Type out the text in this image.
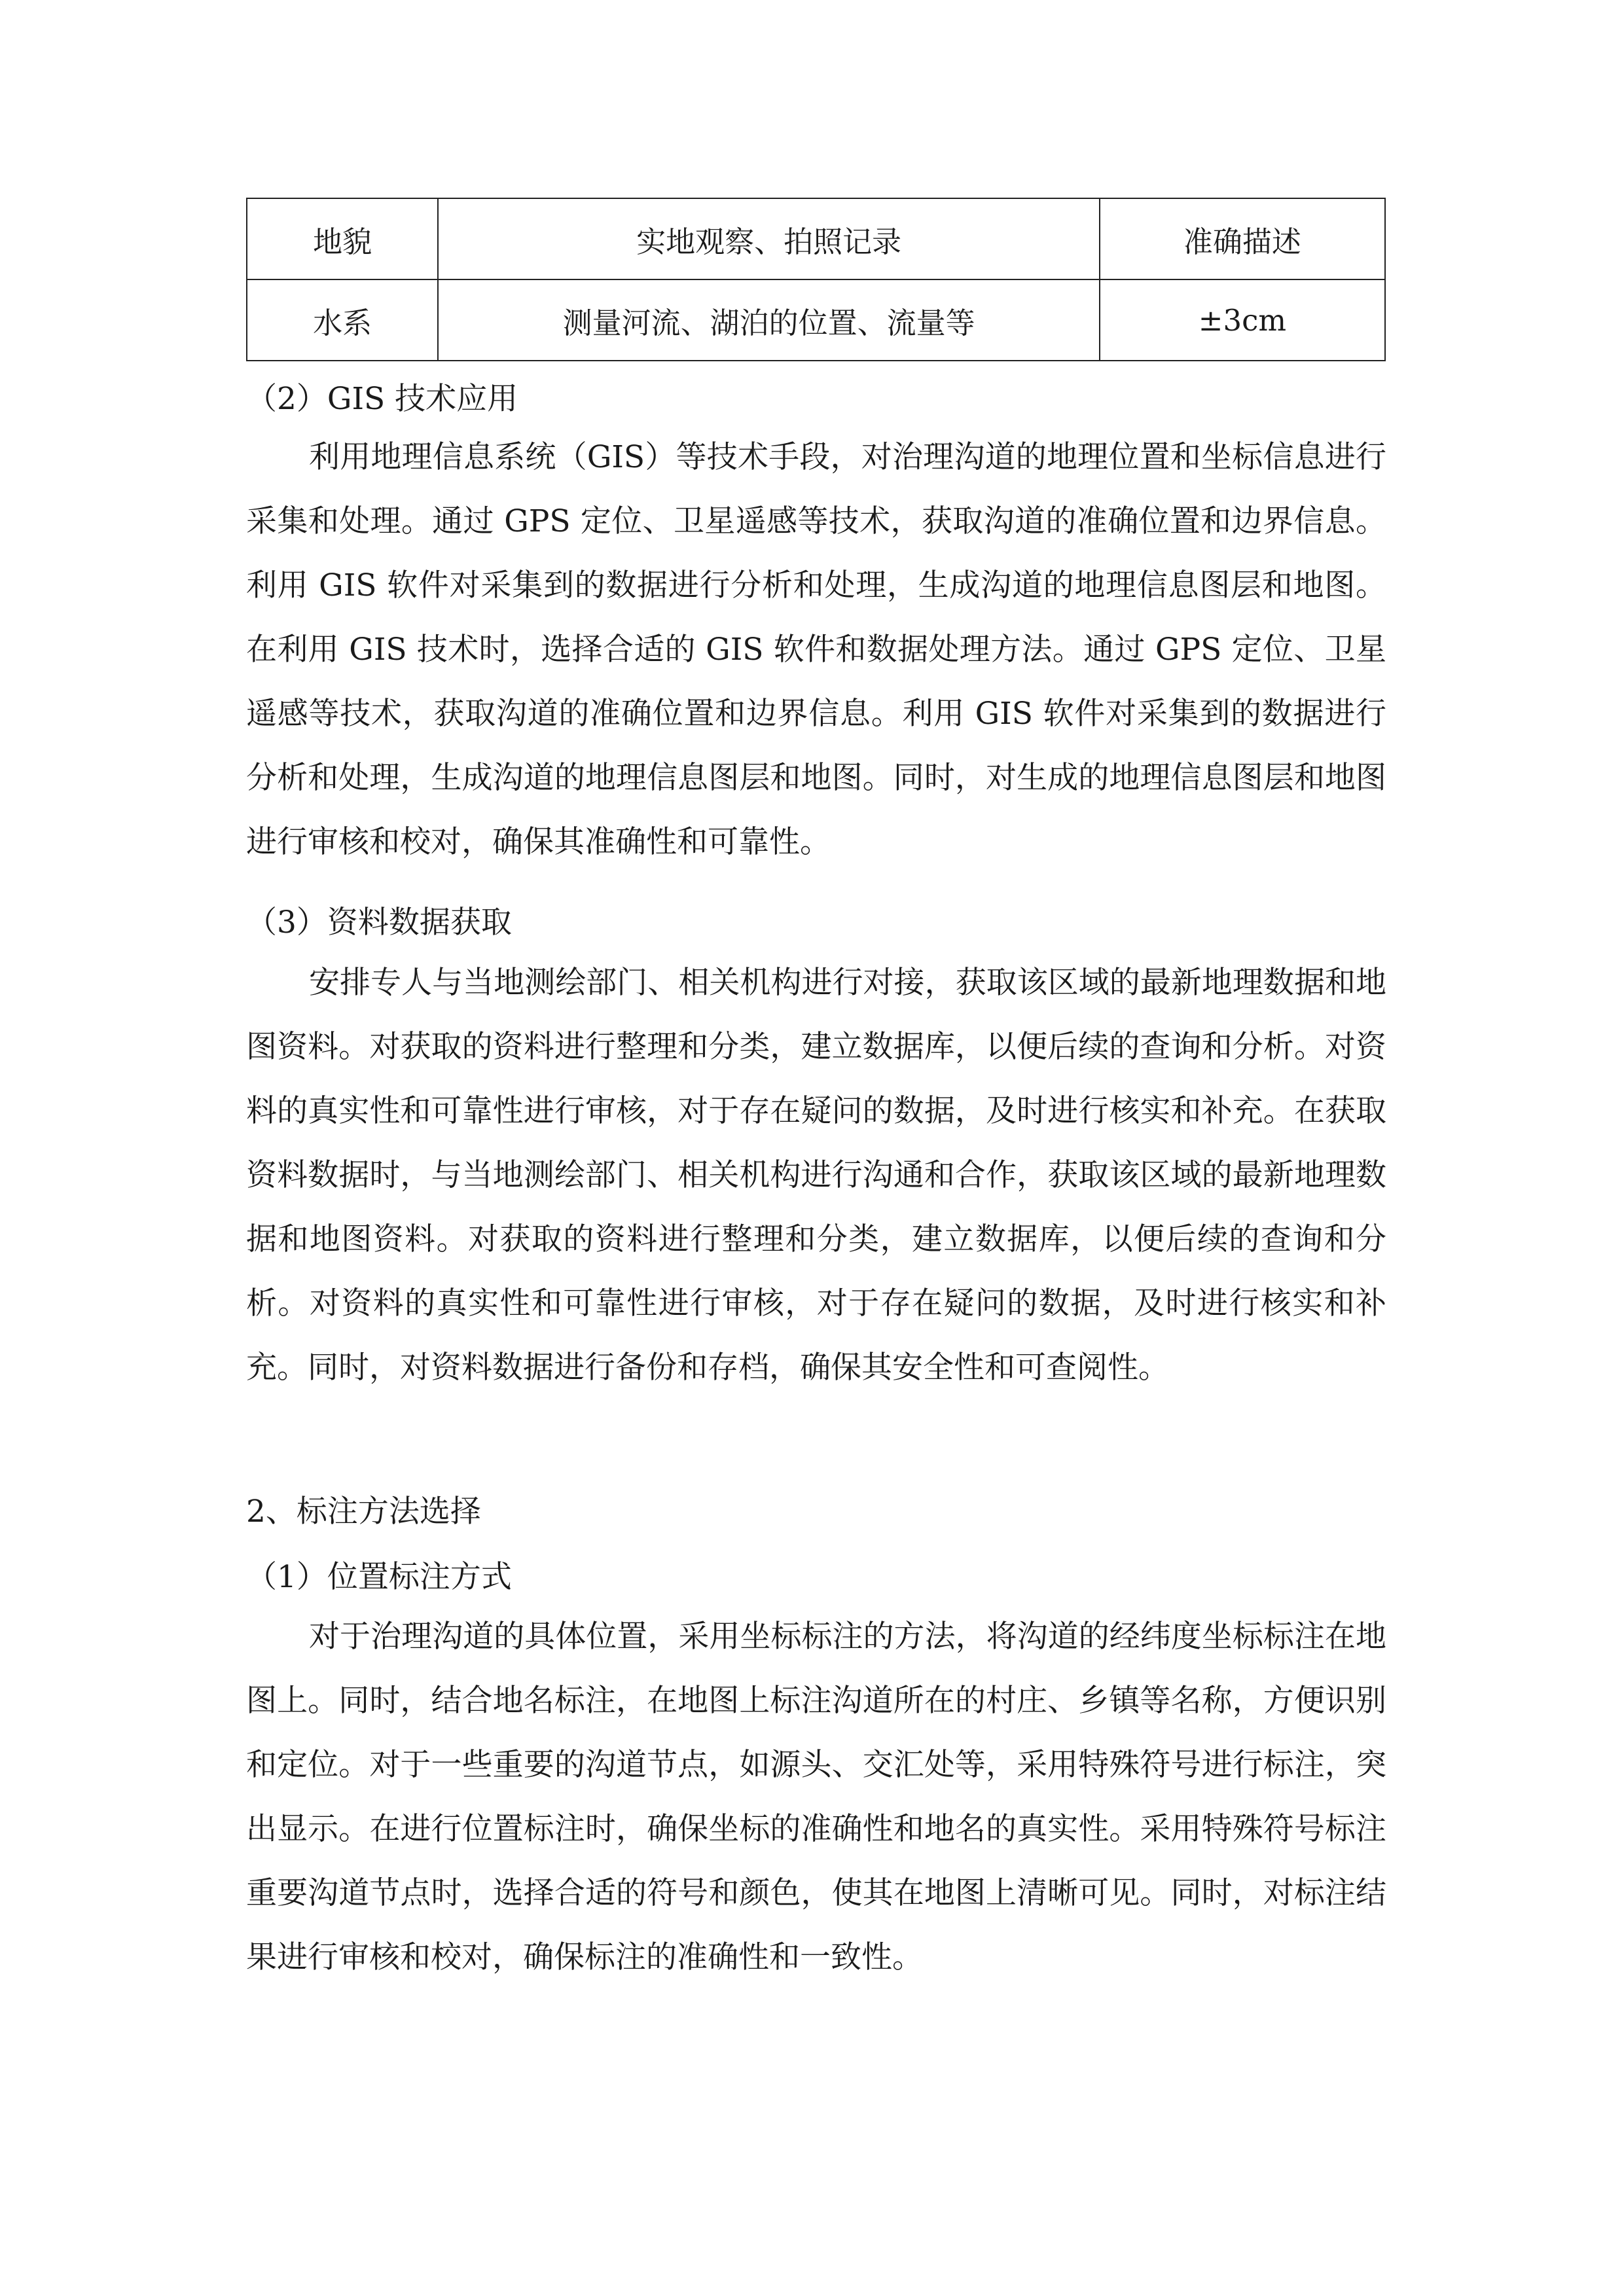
地貌	实地观察、拍照记录	准确描述
水系	测量河流、湖泊的位置、流量等	±3cm

（2）GIS 技术应用

利用地理信息系统（GIS）等技术手段，对治理沟道的地理位置和坐标信息进行采集和处理。通过 GPS 定位、卫星遥感等技术，获取沟道的准确位置和边界信息。利用 GIS 软件对采集到的数据进行分析和处理，生成沟道的地理信息图层和地图。在利用 GIS 技术时，选择合适的 GIS 软件和数据处理方法。通过 GPS 定位、卫星遥感等技术，获取沟道的准确位置和边界信息。利用 GIS 软件对采集到的数据进行分析和处理，生成沟道的地理信息图层和地图。同时，对生成的地理信息图层和地图进行审核和校对，确保其准确性和可靠性。

（3）资料数据获取

安排专人与当地测绘部门、相关机构进行对接，获取该区域的最新地理数据和地图资料。对获取的资料进行整理和分类，建立数据库，以便后续的查询和分析。对资料的真实性和可靠性进行审核，对于存在疑问的数据，及时进行核实和补充。在获取资料数据时，与当地测绘部门、相关机构进行沟通和合作，获取该区域的最新地理数据和地图资料。对获取的资料进行整理和分类，建立数据库，以便后续的查询和分析。对资料的真实性和可靠性进行审核，对于存在疑问的数据，及时进行核实和补充。同时，对资料数据进行备份和存档，确保其安全性和可查阅性。

2、标注方法选择

（1）位置标注方式

对于治理沟道的具体位置，采用坐标标注的方法，将沟道的经纬度坐标标注在地图上。同时，结合地名标注，在地图上标注沟道所在的村庄、乡镇等名称，方便识别和定位。对于一些重要的沟道节点，如源头、交汇处等，采用特殊符号进行标注，突出显示。在进行位置标注时，确保坐标的准确性和地名的真实性。采用特殊符号标注重要沟道节点时，选择合适的符号和颜色，使其在地图上清晰可见。同时，对标注结果进行审核和校对，确保标注的准确性和一致性。
